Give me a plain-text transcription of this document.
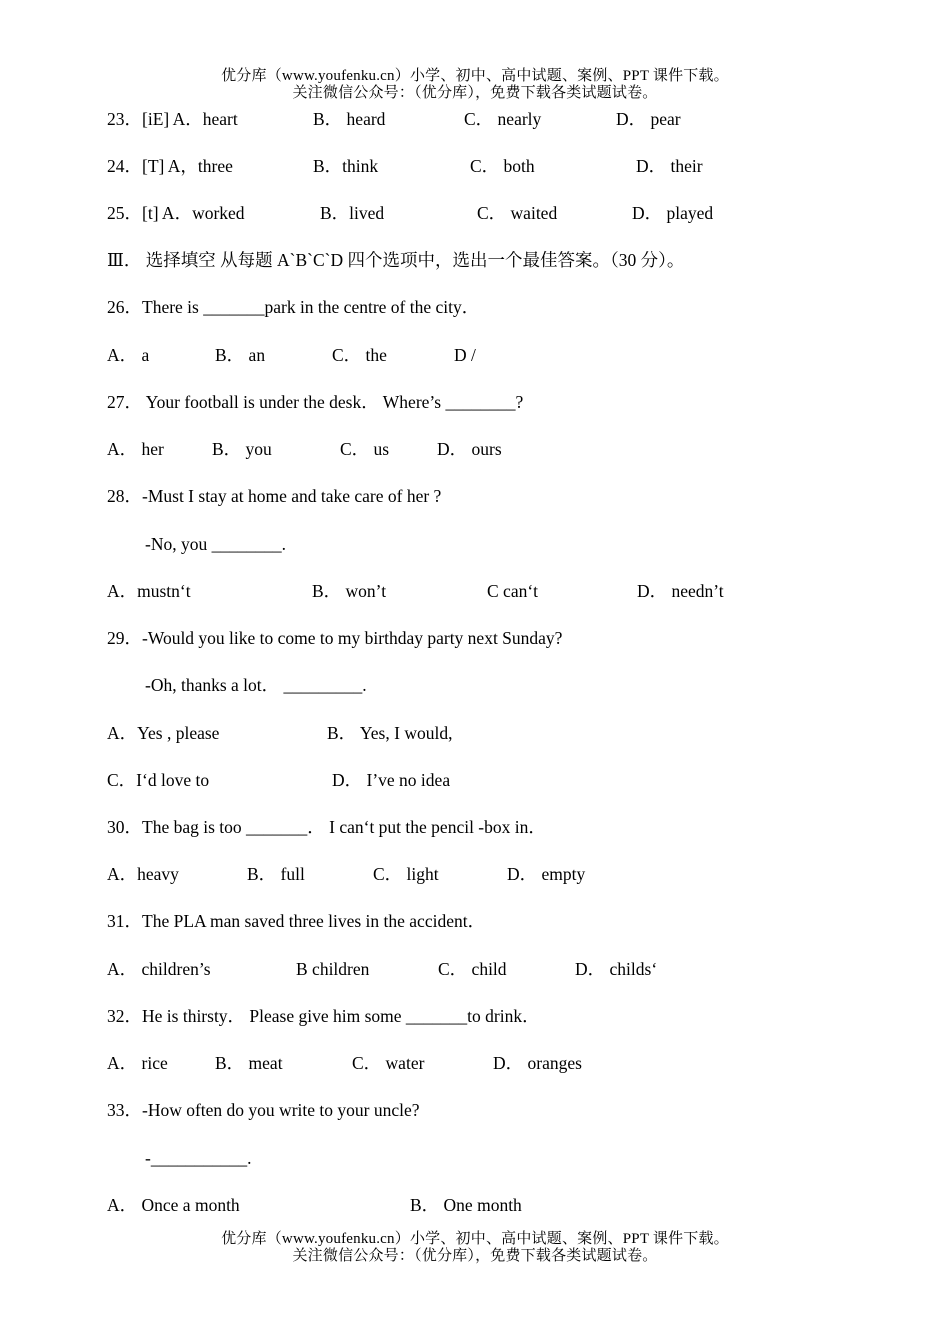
优分库（www.youfenku.cn）小学、初中、高中试题、案例、PPT 课件下载。
关注微信公众号：（优分库），免费下载各类试题试卷。
23．[iE] A．heart	B． heard	C． nearly	D． pear
24．[T] A，three	B．think	C． both	D． their
25．[t] A．worked	B．lived	C． waited	D． played
Ⅲ． 选择填空 从每题 A`B`C`D 四个选项中，选出一个最佳答案。（30 分）。
26．There is _______park in the centre of the city．
A． a	B． an	C． the	D /
27． Your football is under the desk． Where’s ________?
A． her	B． you	C． us	D． ours
28．-Must I stay at home and take care of her ?
-No, you ________.
A．mustn‘t	B． won’t	C can‘t	D． needn’t
29．-Would you like to come to my birthday party next Sunday?
-Oh, thanks a lot． _________.
A．Yes , please	B． Yes, I would,
C．I‘d love to	D． I’ve no idea
30．The bag is too _______． I can‘t put the pencil -box in．
A．heavy	B． full	C． light	D． empty
31．The PLA man saved three lives in the accident．
A． children’s	B children	C． child	D． childs‘
32．He is thirsty． Please give him some _______to drink．
A． rice	B． meat	C． water	D． oranges
33．-How often do you write to your uncle?
-___________.
A． Once a month	B． One month
优分库（www.youfenku.cn）小学、初中、高中试题、案例、PPT 课件下载。
关注微信公众号：（优分库），免费下载各类试题试卷。
